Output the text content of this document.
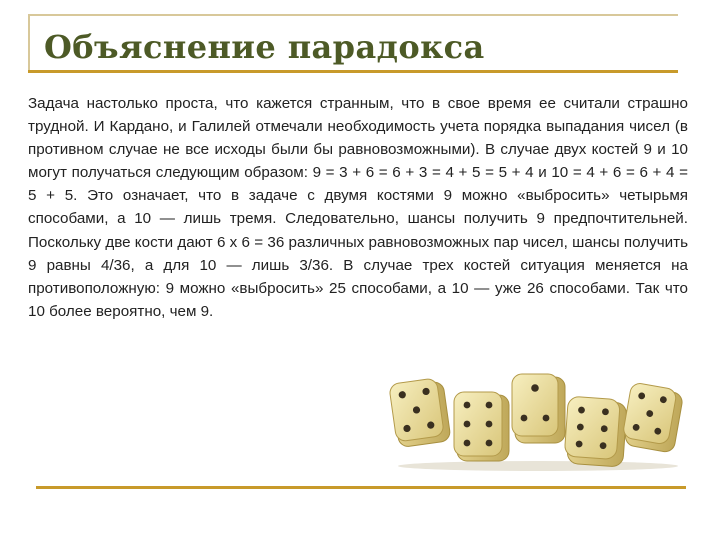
Объяснение парадокса

Задача настолько проста, что кажется странным, что в свое время ее считали страшно трудной. И Кардано, и Галилей отмечали необходимость учета порядка выпадания чисел (в противном случае не все исходы были бы равновозможными). В случае двух костей 9 и 10 могут получаться следующим образом: 9 = 3 + 6 = 6 + 3 = 4 + 5 = 5 + 4 и 10 = 4 + 6 = 6 + 4 = 5 + 5. Это означает, что в задаче с двумя костями 9 можно «выбросить» четырьмя способами, а 10 — лишь тремя. Следовательно, шансы получить 9 предпочтительней. Поскольку две кости дают 6 х 6 = 36 различных равновозможных пар чисел, шансы получить 9 равны 4/36, а для 10 — лишь 3/36. В случае трех костей ситуация меняется на противоположную: 9 можно «выбросить» 25 способами, а 10 — уже 26 способами. Так что 10 более вероятно, чем 9.
